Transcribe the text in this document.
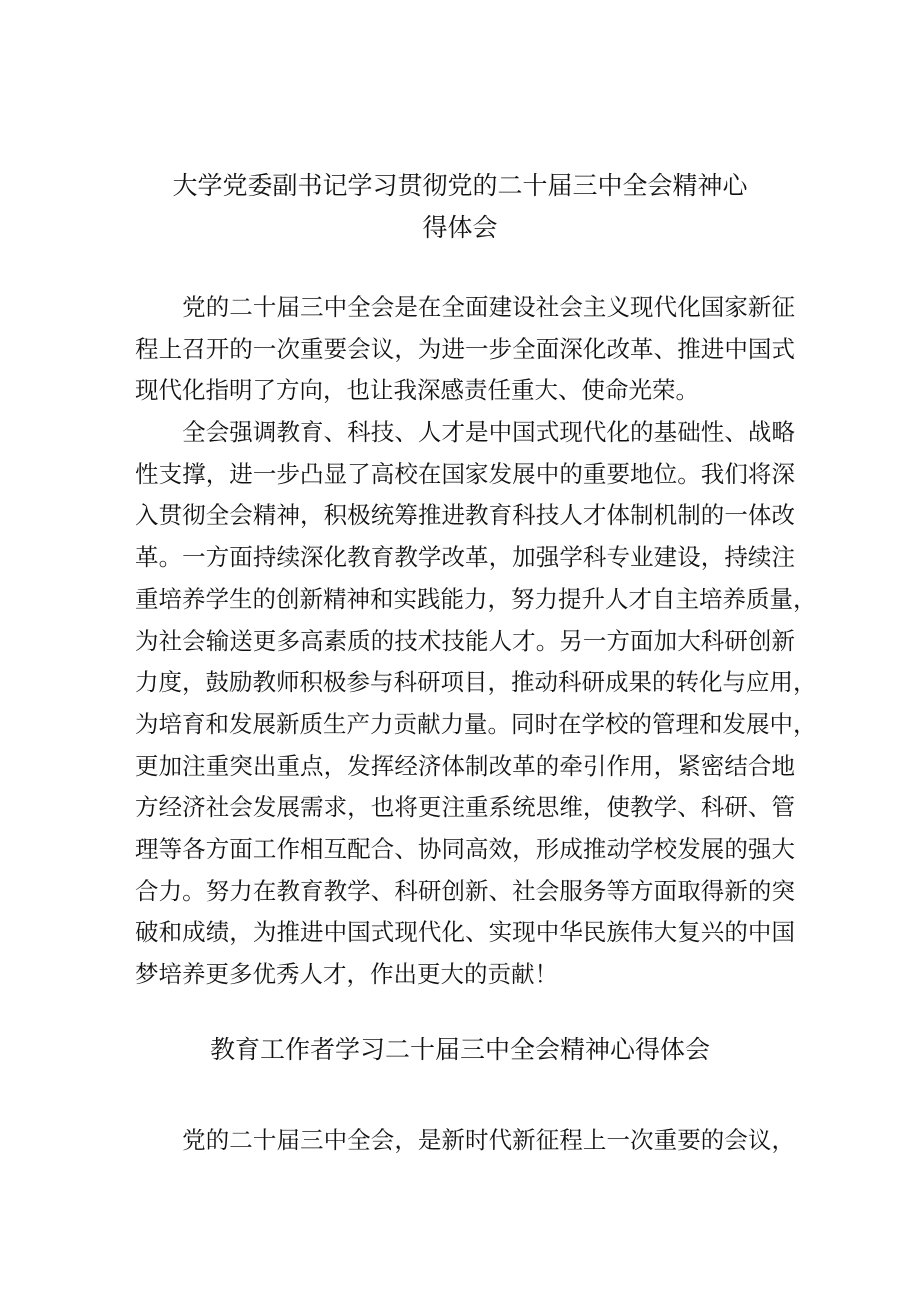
大学党委副书记学习贯彻党的二十届三中全会精神心
得体会
　　党的二十届三中全会是在全面建设社会主义现代化国家新征
程上召开的一次重要会议，为进一步全面深化改革、推进中国式
现代化指明了方向，也让我深感责任重大、使命光荣。
　　全会强调教育、科技、人才是中国式现代化的基础性、战略
性支撑，进一步凸显了高校在国家发展中的重要地位。我们将深
入贯彻全会精神，积极统筹推进教育科技人才体制机制的一体改
革。一方面持续深化教育教学改革，加强学科专业建设，持续注
重培养学生的创新精神和实践能力，努力提升人才自主培养质量，
为社会输送更多高素质的技术技能人才。另一方面加大科研创新
力度，鼓励教师积极参与科研项目，推动科研成果的转化与应用，
为培育和发展新质生产力贡献力量。同时在学校的管理和发展中，
更加注重突出重点，发挥经济体制改革的牵引作用，紧密结合地
方经济社会发展需求，也将更注重系统思维，使教学、科研、管
理等各方面工作相互配合、协同高效，形成推动学校发展的强大
合力。努力在教育教学、科研创新、社会服务等方面取得新的突
破和成绩，为推进中国式现代化、实现中华民族伟大复兴的中国
梦培养更多优秀人才，作出更大的贡献！
教育工作者学习二十届三中全会精神心得体会
　　党的二十届三中全会，是新时代新征程上一次重要的会议，
